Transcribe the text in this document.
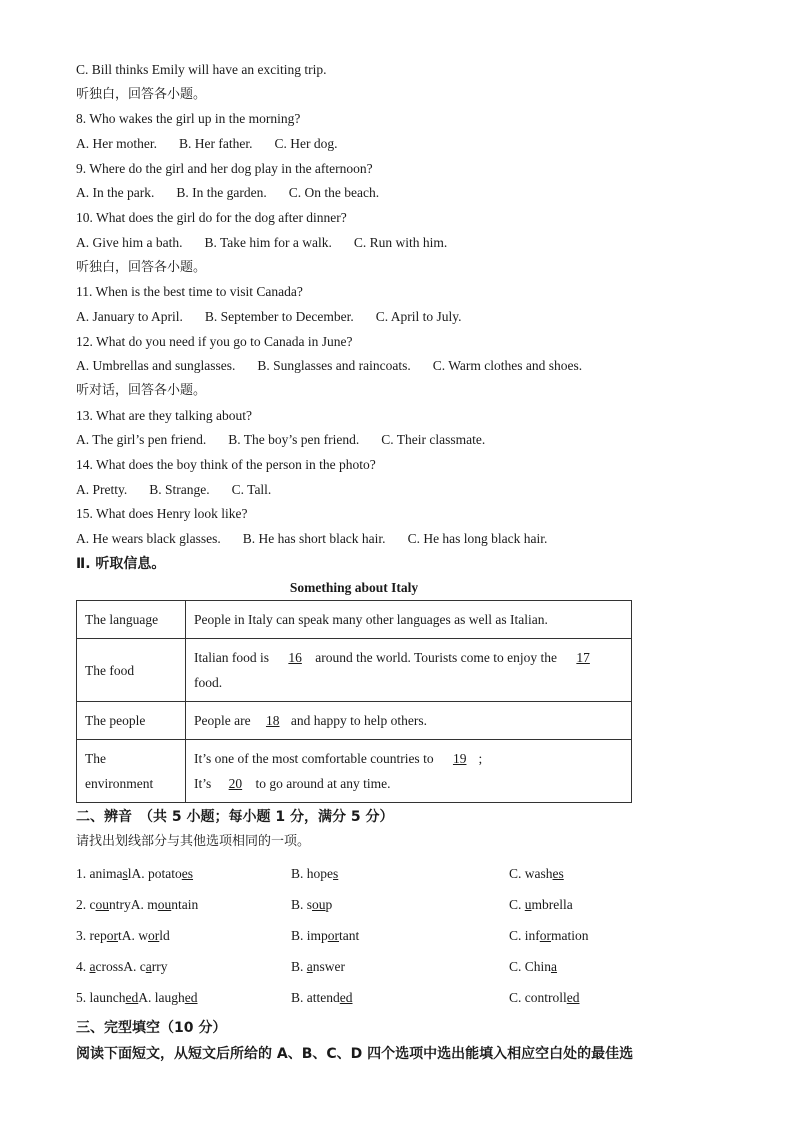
C. Bill thinks Emily will have an exciting trip.
听独白，回答各小题。
8. Who wakes the girl up in the morning?
A. Her mother. B. Her father. C. Her dog.
9. Where do the girl and her dog play in the afternoon?
A. In the park. B. In the garden. C. On the beach.
10. What does the girl do for the dog after dinner?
A. Give him a bath. B. Take him for a walk. C. Run with him.
听独白，回答各小题。
11. When is the best time to visit Canada?
A. January to April. B. September to December. C. April to July.
12. What do you need if you go to Canada in June?
A. Umbrellas and sunglasses. B. Sunglasses and raincoats. C. Warm clothes and shoes.
听对话，回答各小题。
13. What are they talking about?
A. The girl’s pen friend. B. The boy’s pen friend. C. Their classmate.
14. What does the boy think of the person in the photo?
A. Pretty. B. Strange. C. Tall.
15. What does Henry look like?
A. He wears black glasses. B. He has short black hair. C. He has long black hair.
Ⅱ. 听取信息。
Something about Italy
The language	People in Italy can speak many other languages as well as Italian.
The food	Italian food is 16 around the world. Tourists come to enjoy the 17
food.
The people	People are 18 and happy to help others.
The
environment	It’s one of the most comfortable countries to 19 ;
It’s 20 to go around at any time.
二、辨音　（共 5 小题；每小题 1 分，满分 5 分）
请找出划线部分与其他选项相同的一项。
1. animaslA. potatoes	B. hopes	C. washes
2. countryA. mountain	B. soup	C. umbrella
3. reportA. world	B. important	C. information
4. acrossA. carry	B. answer	C. China
5. launchedA. laughed	B. attended	C. controlled
三、完型填空（10 分）
阅读下面短文，从短文后所给的 A、B、C、D 四个选项中选出能填入相应空白处的最佳选
